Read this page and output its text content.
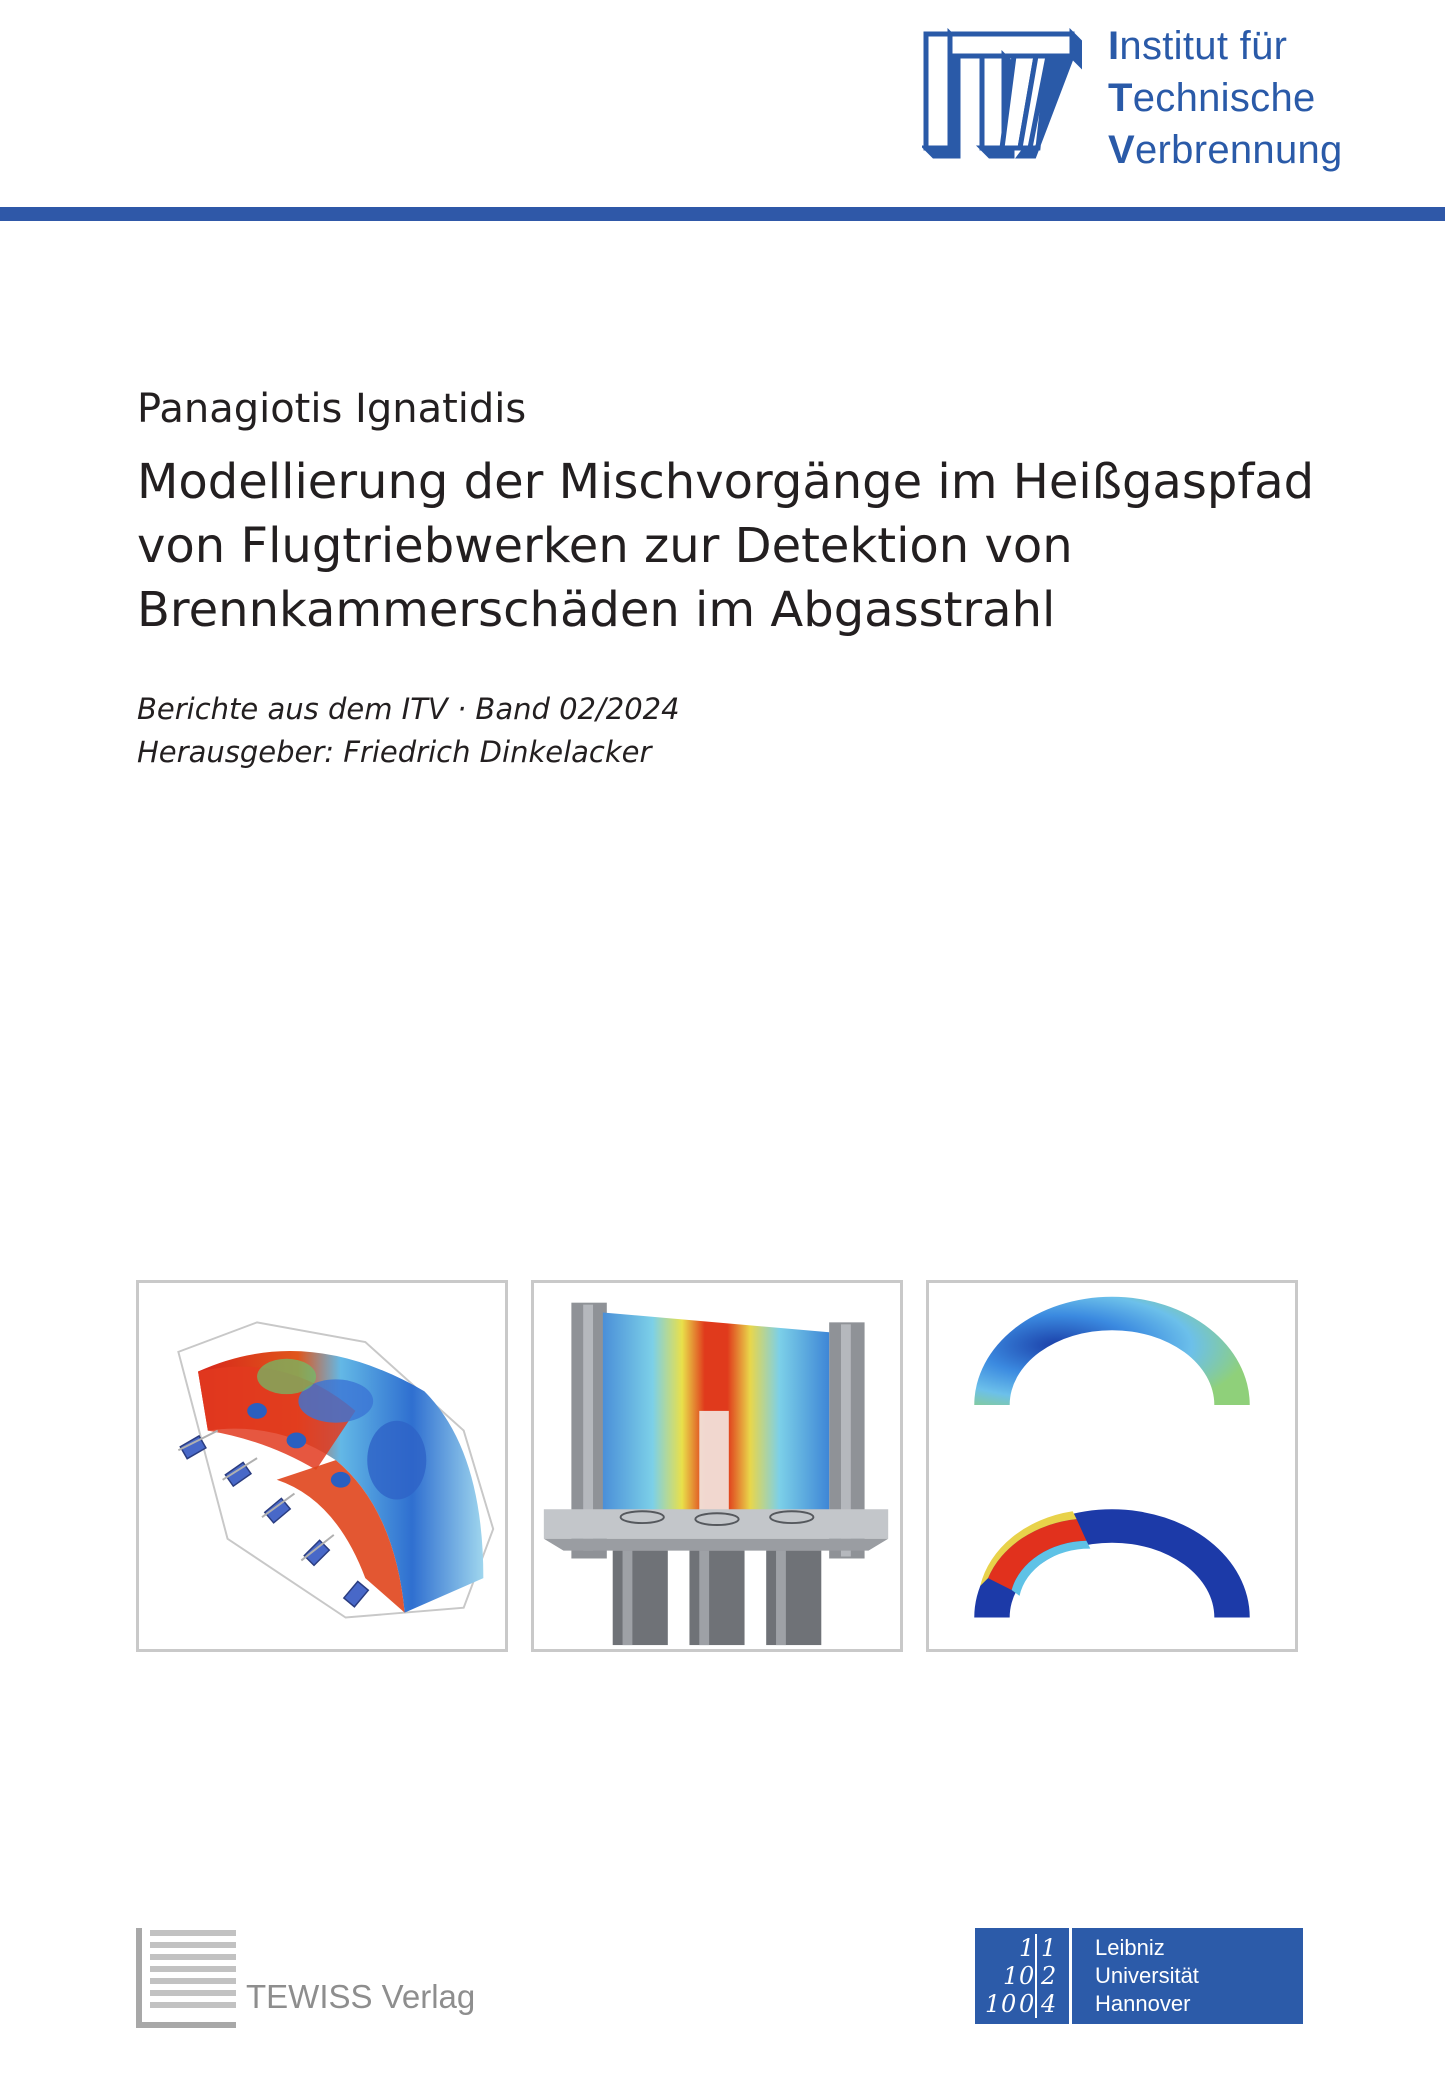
Institut für
Technische
Verbrennung
Panagiotis Ignatidis
Modellierung der Mischvorgänge im Heißgaspfad
von Flugtriebwerken zur Detektion von
Brennkammerschäden im Abgasstrahl
Berichte aus dem ITV · Band 02/2024
Herausgeber: Friedrich Dinkelacker
TEWISS Verlag
1 1
1 0 2
1 0 0 4
Leibniz
Universität
Hannover
